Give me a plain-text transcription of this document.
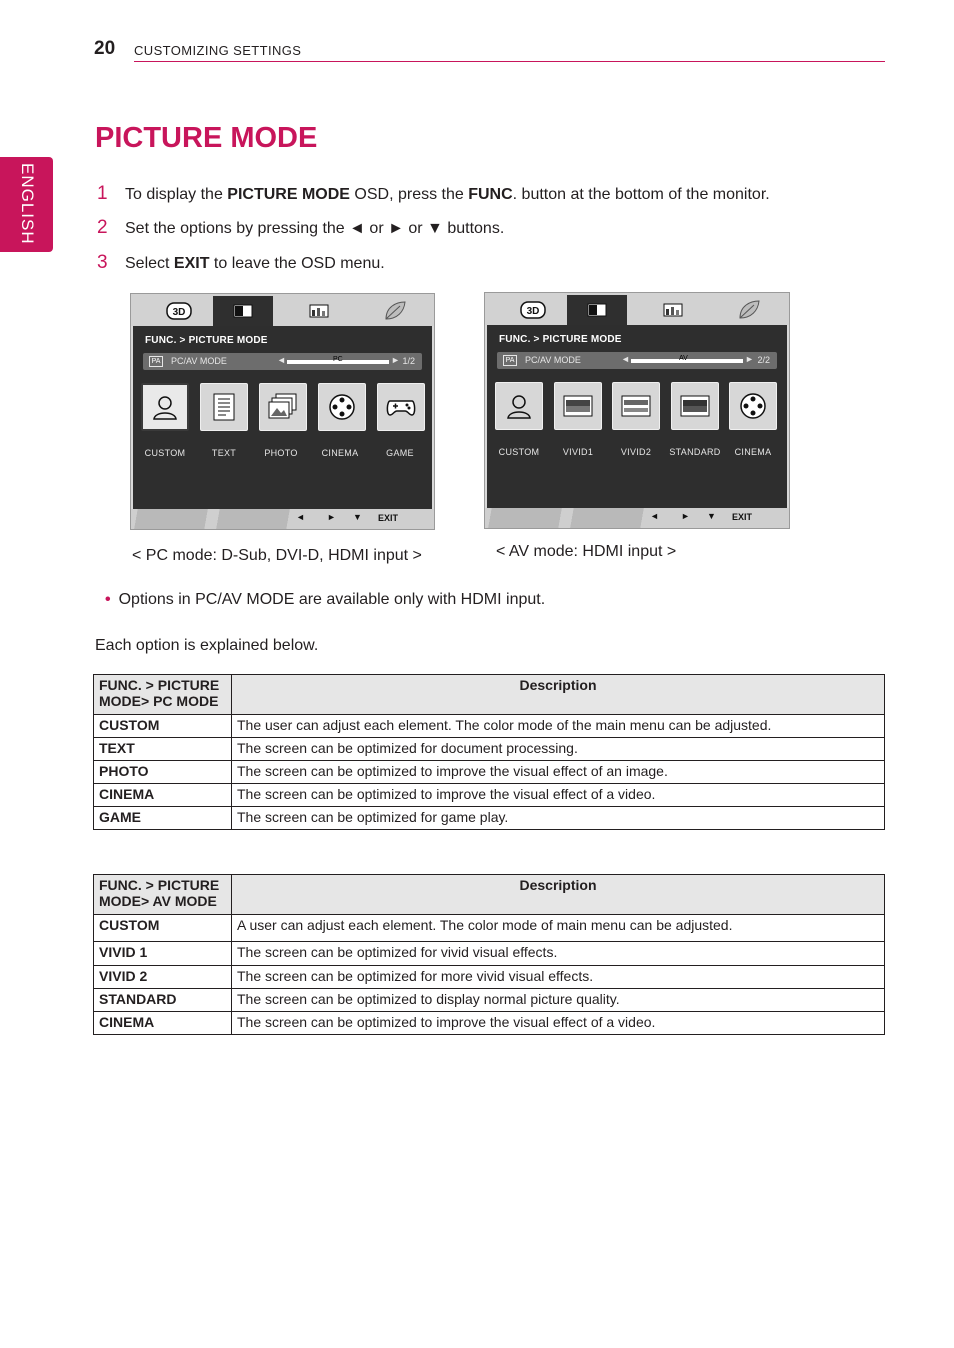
20 CUSTOMIZING SETTINGS
ENGLISH
PICTURE MODE
1 To display the PICTURE MODE OSD, press the FUNC. button at the bottom of the monitor.
2 Set the options by pressing the ◄ or ► or ▼ buttons.
3 Select EXIT to leave the OSD menu.
3D
FUNC. > PICTURE MODE
PA PC/AV MODE	◄	PC	► 1/2
CUSTOM	TEXT	PHOTO	CINEMA	GAME
◄ ► ▼ EXIT
< PC mode: D-Sub, DVI-D, HDMI input >
3D
FUNC. > PICTURE MODE
PA PC/AV MODE	◄	AV	► 2/2
CUSTOM	VIVID1	VIVID2 STANDARD CINEMA
◄ ► ▼ EXIT
< AV mode: HDMI input >
• Options in PC/AV MODE are available only with HDMI input.
Each option is explained below.
FUNC. > PICTURE MODE> PC MODE	Description
CUSTOM	The user can adjust each element. The color mode of the main menu can be adjusted.
TEXT	The screen can be optimized for document processing.
PHOTO	The screen can be optimized to improve the visual effect of an image.
CINEMA	The screen can be optimized to improve the visual effect of a video.
GAME	The screen can be optimized for game play.
FUNC. > PICTURE MODE> AV MODE	Description
CUSTOM	A user can adjust each element. The color mode of main menu can be adjusted.
VIVID 1	The screen can be optimized for vivid visual effects.
VIVID 2	The screen can be optimized for more vivid visual effects.
STANDARD	The screen can be optimized to display normal picture quality.
CINEMA	The screen can be optimized to improve the visual effect of a video.
